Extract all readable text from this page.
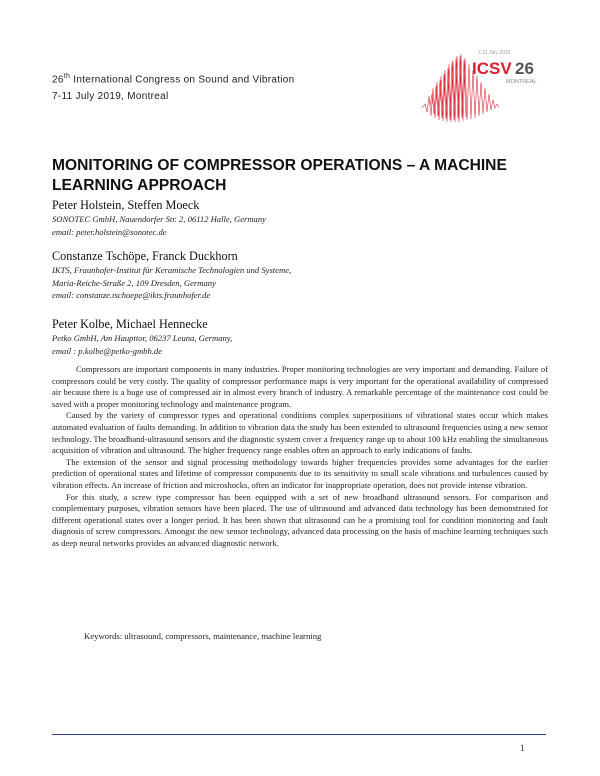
26th International Congress on Sound and Vibration
7-11 July 2019, Montreal
7-11 July 2019
ICSV 26
MONTREAL
MONITORING OF COMPRESSOR OPERATIONS – A MACHINE LEARNING APPROACH
Peter Holstein, Steffen Moeck
SONOTEC GmbH, Nauendorfer Str. 2, 06112 Halle, Germany
email: peter.holstein@sonotec.de
Constanze Tschöpe, Franck Duckhorn
IKTS, Fraunhofer-Institut für Keramische Technologien und Systeme,
Maria-Reiche-Straße 2, 109 Dresden, Germany
email: constanze.tschoepe@ikts.fraunhofer.de
Peter Kolbe, Michael Hennecke
Petko GmbH, Am Haupttor, 06237 Leuna, Germany,
email : p.kolbe@petko-gmbh.de

Compressors are important components in many industries. Proper monitoring technologies are very important and demanding. Failure of compressors could be very costly. The quality of compressor performance maps is very important for the operational availability of compressed air because there is a huge use of compressed air in almost every branch of industry. A remarkable percentage of the maintenance cost could be saved with a proper monitoring technology and maintenance program.

Caused by the variety of compressor types and operational conditions complex superpositions of vibrational states occur which makes automated evaluation of faults demanding. In addition to vibration data the study has been extended to ultrasound frequencies using a new sensor technology. The broadband-ultrasound sensors and the diagnostic system cover a frequency range up to about 100 kHz enabling the simultaneous acquisition of vibration and ultrasound. The higher frequency range enables often an approach to early indications of faults.

The extension of the sensor and signal processing methodology towards higher frequencies provides some advantages for the earlier prediction of operational states and lifetime of compressor components due to its sensitivity to small scale vibrations and turbulences caused by vibration effects. An increase of friction and microshocks, often an indicator for inappropriate operation, does not provide intense vibration.

For this study, a screw type compressor has been equipped with a set of new broadband ultrasound sensors. For comparison and complementary purposes, vibration sensors have been placed. The use of ultrasound and advanced data technology has been demonstrated for different operational states over a longer period. It has been shown that ultrasound can be a promising tool for condition monitoring and fault diagnosis of screw compressors. Amongst the new sensor technology, advanced data processing on the basis of machine learning techniques such as deep neural networks provides an advanced diagnostic network.

Keywords: ultrasound, compressors, maintenance, machine learning
1
